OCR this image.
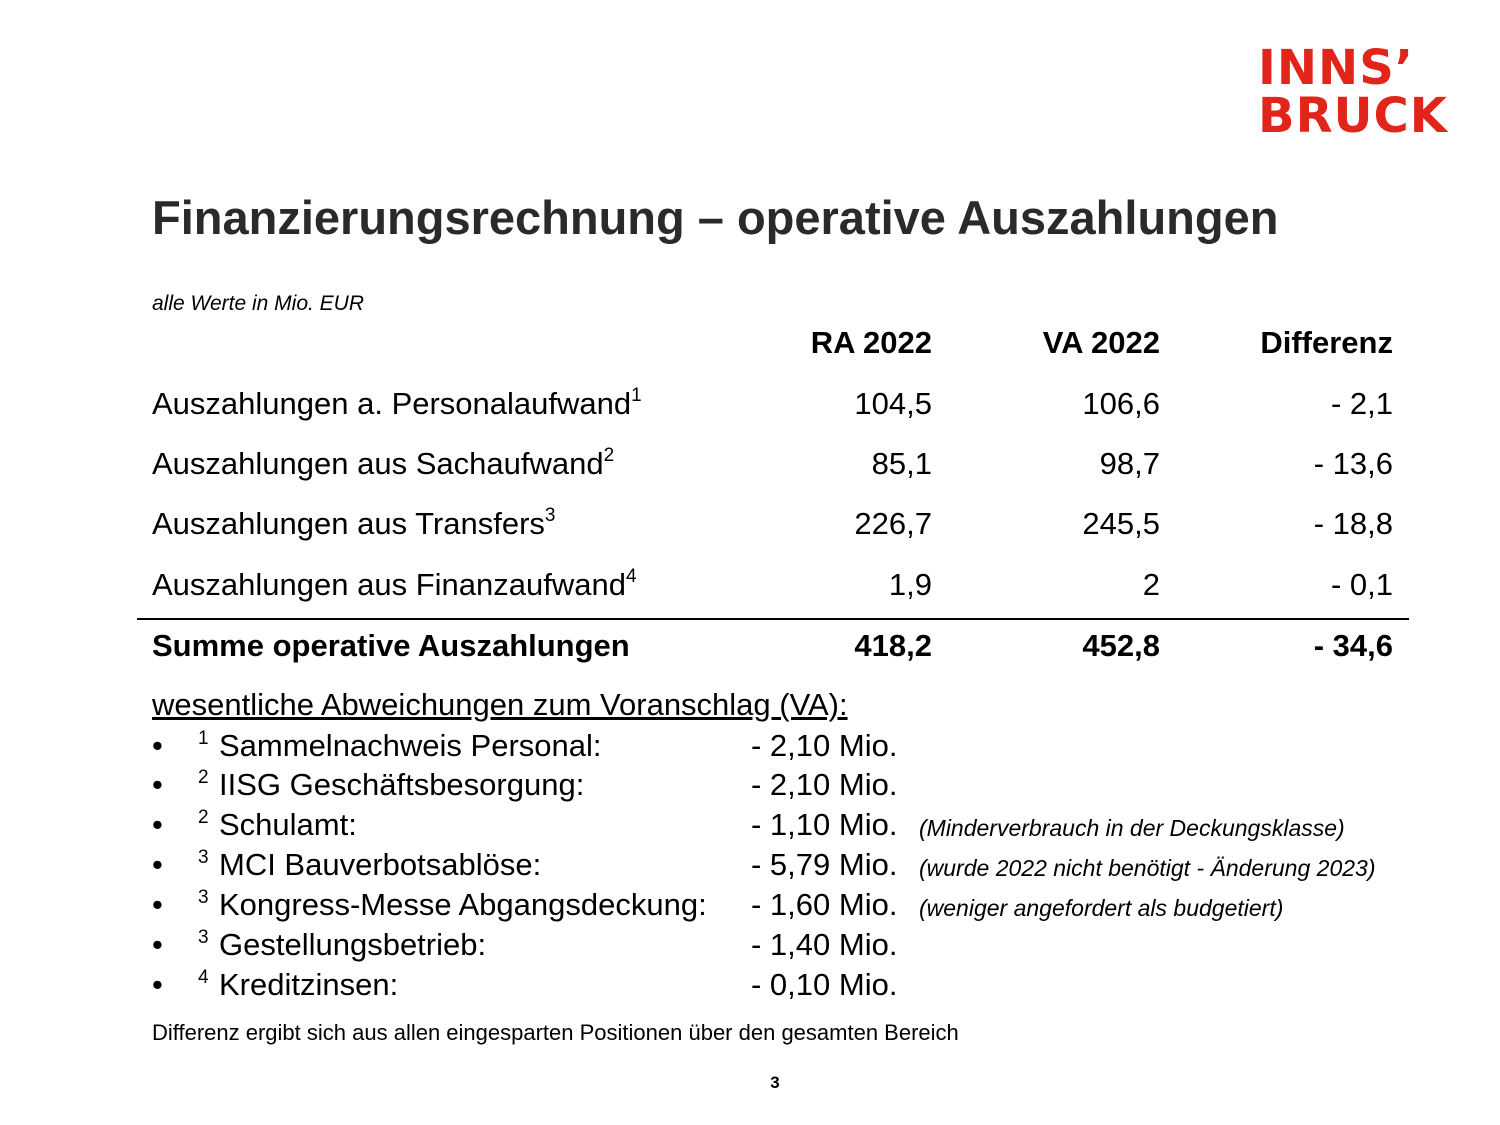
INNS’
BRUCK
Finanzierungsrechnung – operative Auszahlungen
alle Werte in Mio. EUR
RA 2022	VA 2022	Differenz
Auszahlungen a. Personalaufwand$^1$	104,5	106,6	- 2,1
Auszahlungen aus Sachaufwand$^2$	85,1	98,7	- 13,6
Auszahlungen aus Transfers$^3$	226,7	245,5	- 18,8
Auszahlungen aus Finanzaufwand$^4$	1,9	2	- 0,1
Summe operative Auszahlungen	418,2	452,8	- 34,6
wesentliche Abweichungen zum Voranschlag (VA):
• 1 Sammelnachweis Personal:	- 2,10 Mio.
• 2 IISG Geschäftsbesorgung:	- 2,10 Mio.
• 2 Schulamt:	- 1,10 Mio. (Minderverbrauch in der Deckungsklasse)
• 3 MCI Bauverbotsablöse:	- 5,79 Mio. (wurde 2022 nicht benötigt - Änderung 2023)
• 3 Kongress-Messe Abgangsdeckung: - 1,60 Mio. (weniger angefordert als budgetiert)
• 3 Gestellungsbetrieb:	- 1,40 Mio.
• 4 Kreditzinsen:	- 0,10 Mio.
Differenz ergibt sich aus allen eingesparten Positionen über den gesamten Bereich
3
